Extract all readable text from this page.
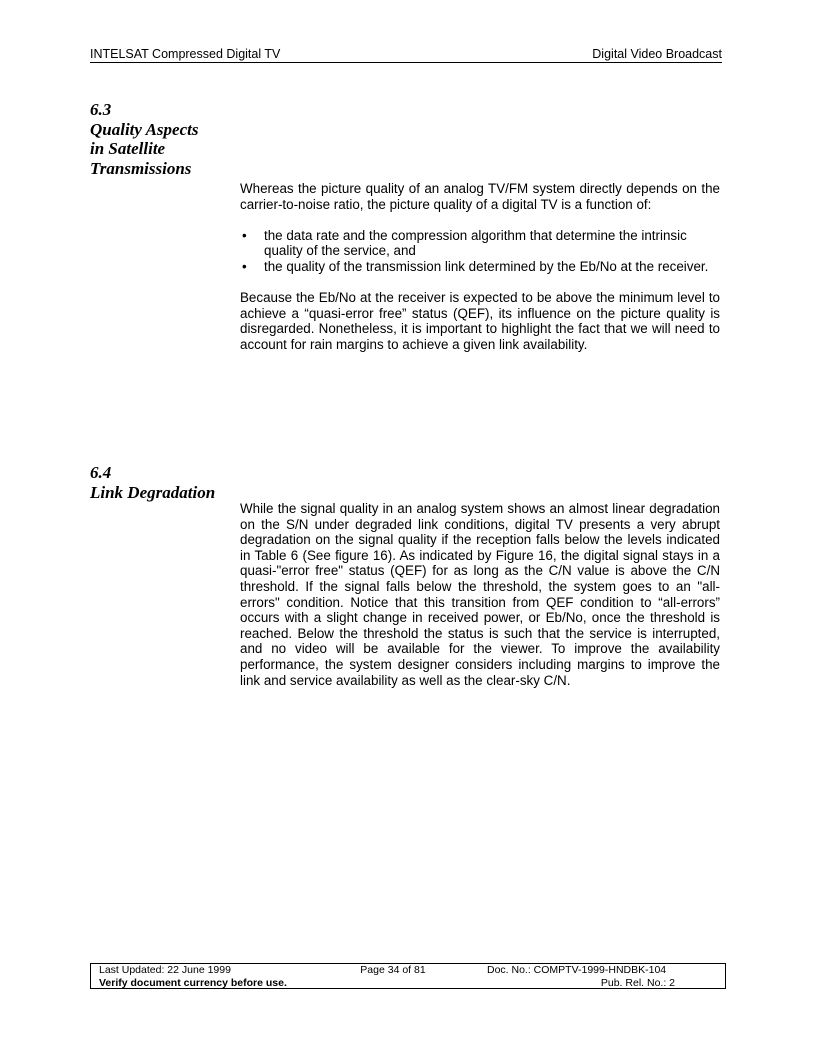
INTELSAT Compressed Digital TV	Digital Video Broadcast
6.3
Quality Aspects
in Satellite
Transmissions

Whereas the picture quality of an analog TV/FM system directly depends on the carrier-to-noise ratio, the picture quality of a digital TV is a function of:

• the data rate and the compression algorithm that determine the intrinsic quality of the service, and
• the quality of the transmission link determined by the Eb/No at the receiver.

Because the Eb/No at the receiver is expected to be above the minimum level to achieve a “quasi-error free” status (QEF), its influence on the picture quality is disregarded. Nonetheless, it is important to highlight the fact that we will need to account for rain margins to achieve a given link availability.

6.4
Link Degradation

While the signal quality in an analog system shows an almost linear degradation on the S/N under degraded link conditions, digital TV presents a very abrupt degradation on the signal quality if the reception falls below the levels indicated in Table 6 (See figure 16). As indicated by Figure 16, the digital signal stays in a quasi-"error free" status (QEF) for as long as the C/N value is above the C/N threshold. If the signal falls below the threshold, the system goes to an "all-errors" condition. Notice that this transition from QEF condition to “all-errors” occurs with a slight change in received power, or Eb/No, once the threshold is reached. Below the threshold the status is such that the service is interrupted, and no video will be available for the viewer. To improve the availability performance, the system designer considers including margins to improve the link and service availability as well as the clear-sky C/N.

Last Updated: 22 June 1999	Page 34 of 81	Doc. No.: COMPTV-1999-HNDBK-104
Verify document currency before use.	Pub. Rel. No.: 2
